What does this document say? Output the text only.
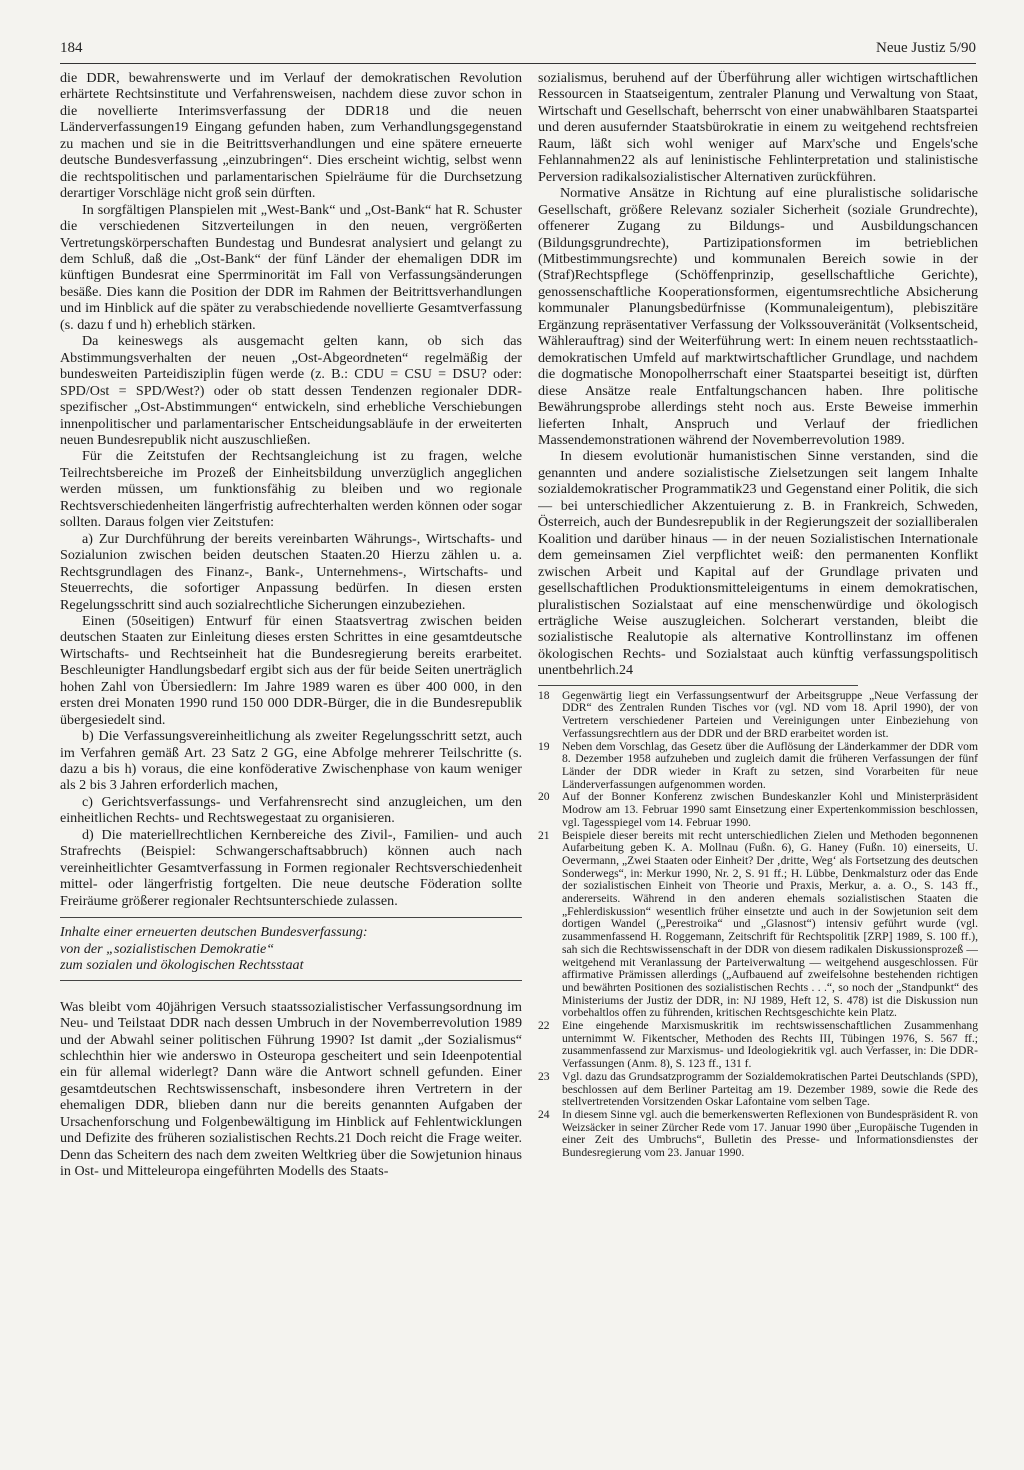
184	Neue Justiz 5/90

die DDR, bewahrenswerte und im Verlauf der demokratischen Revolution erhärtete Rechtsinstitute und Verfahrensweisen, nachdem diese zuvor schon in die novellierte Interimsverfassung der DDR18 und die neuen Länderverfassungen19 Eingang gefunden haben, zum Verhandlungsgegenstand zu machen und sie in die Beitrittsverhandlungen und eine spätere erneuerte deutsche Bundesverfassung „einzubringen“. Dies erscheint wichtig, selbst wenn die rechtspolitischen und parlamentarischen Spielräume für die Durchsetzung derartiger Vorschläge nicht groß sein dürften.

In sorgfältigen Planspielen mit „West-Bank“ und „Ost-Bank“ hat R. Schuster die verschiedenen Sitzverteilungen in den neuen, vergrößerten Vertretungskörperschaften Bundestag und Bundesrat analysiert und gelangt zu dem Schluß, daß die „Ost-Bank“ der fünf Länder der ehemaligen DDR im künftigen Bundesrat eine Sperrminorität im Fall von Verfassungsänderungen besäße. Dies kann die Position der DDR im Rahmen der Beitrittsverhandlungen und im Hinblick auf die später zu verabschiedende novellierte Gesamtverfassung (s. dazu f und h) erheblich stärken.

Da keineswegs als ausgemacht gelten kann, ob sich das Abstimmungsverhalten der neuen „Ost-Abgeordneten“ regelmäßig der bundesweiten Parteidisziplin fügen werde (z. B.: CDU = CSU = DSU? oder: SPD/Ost = SPD/West?) oder ob statt dessen Tendenzen regionaler DDR-spezifischer „Ost-Abstimmungen“ entwickeln, sind erhebliche Verschiebungen innenpolitischer und parlamentarischer Entscheidungsabläufe in der erweiterten neuen Bundesrepublik nicht auszuschließen.

Für die Zeitstufen der Rechtsangleichung ist zu fragen, welche Teilrechtsbereiche im Prozeß der Einheitsbildung unverzüglich angeglichen werden müssen, um funktionsfähig zu bleiben und wo regionale Rechtsverschiedenheiten längerfristig aufrechterhalten werden können oder sogar sollten. Daraus folgen vier Zeitstufen:

a) Zur Durchführung der bereits vereinbarten Währungs-, Wirtschafts- und Sozialunion zwischen beiden deutschen Staaten.20 Hierzu zählen u. a. Rechtsgrundlagen des Finanz-, Bank-, Unternehmens-, Wirtschafts- und Steuerrechts, die sofortiger Anpassung bedürfen. In diesen ersten Regelungsschritt sind auch sozialrechtliche Sicherungen einzubeziehen.

Einen (50seitigen) Entwurf für einen Staatsvertrag zwischen beiden deutschen Staaten zur Einleitung dieses ersten Schrittes in eine gesamtdeutsche Wirtschafts- und Rechtseinheit hat die Bundesregierung bereits erarbeitet. Beschleunigter Handlungsbedarf ergibt sich aus der für beide Seiten unerträglich hohen Zahl von Übersiedlern: Im Jahre 1989 waren es über 400 000, in den ersten drei Monaten 1990 rund 150 000 DDR-Bürger, die in die Bundesrepublik übergesiedelt sind.

b) Die Verfassungsvereinheitlichung als zweiter Regelungsschritt setzt, auch im Verfahren gemäß Art. 23 Satz 2 GG, eine Abfolge mehrerer Teilschritte (s. dazu a bis h) voraus, die eine konföderative Zwischenphase von kaum weniger als 2 bis 3 Jahren erforderlich machen,

c) Gerichtsverfassungs- und Verfahrensrecht sind anzugleichen, um den einheitlichen Rechts- und Rechtswegestaat zu organisieren.

d) Die materiellrechtlichen Kernbereiche des Zivil-, Familien- und auch Strafrechts (Beispiel: Schwangerschaftsabbruch) können auch nach vereinheitlichter Gesamtverfassung in Formen regionaler Rechtsverschiedenheit mittel- oder längerfristig fortgelten. Die neue deutsche Föderation sollte Freiräume größerer regionaler Rechtsunterschiede zulassen.

Inhalte einer erneuerten deutschen Bundesverfassung:
von der „sozialistischen Demokratie“
zum sozialen und ökologischen Rechtsstaat

Was bleibt vom 40jährigen Versuch staatssozialistischer Verfassungsordnung im Neu- und Teilstaat DDR nach dessen Umbruch in der Novemberrevolution 1989 und der Abwahl seiner politischen Führung 1990? Ist damit „der Sozialismus“ schlechthin hier wie anderswo in Osteuropa gescheitert und sein Ideenpotential ein für allemal widerlegt? Dann wäre die Antwort schnell gefunden. Einer gesamtdeutschen Rechtswissenschaft, insbesondere ihren Vertretern in der ehemaligen DDR, blieben dann nur die bereits genannten Aufgaben der Ursachenforschung und Folgenbewältigung im Hinblick auf Fehlentwicklungen und Defizite des früheren sozialistischen Rechts.21 Doch reicht die Frage weiter. Denn das Scheitern des nach dem zweiten Weltkrieg über die Sowjetunion hinaus in Ost- und Mitteleuropa eingeführten Modells des Staats-

sozialismus, beruhend auf der Überführung aller wichtigen wirtschaftlichen Ressourcen in Staatseigentum, zentraler Planung und Verwaltung von Staat, Wirtschaft und Gesellschaft, beherrscht von einer unabwählbaren Staatspartei und deren ausufernder Staatsbürokratie in einem zu weitgehend rechtsfreien Raum, läßt sich wohl weniger auf Marx'sche und Engels'sche Fehlannahmen22 als auf leninistische Fehlinterpretation und stalinistische Perversion radikalsozialistischer Alternativen zurückführen.

Normative Ansätze in Richtung auf eine pluralistische solidarische Gesellschaft, größere Relevanz sozialer Sicherheit (soziale Grundrechte), offenerer Zugang zu Bildungs- und Ausbildungschancen (Bildungsgrundrechte), Partizipationsformen im betrieblichen (Mitbestimmungsrechte) und kommunalen Bereich sowie in der (Straf)Rechtspflege (Schöffenprinzip, gesellschaftliche Gerichte), genossenschaftliche Kooperationsformen, eigentumsrechtliche Absicherung kommunaler Planungsbedürfnisse (Kommunaleigentum), plebiszitäre Ergänzung repräsentativer Verfassung der Volkssouveränität (Volksentscheid, Wählerauftrag) sind der Weiterführung wert: In einem neuen rechtsstaatlich-demokratischen Umfeld auf marktwirtschaftlicher Grundlage, und nachdem die dogmatische Monopolherrschaft einer Staatspartei beseitigt ist, dürften diese Ansätze reale Entfaltungschancen haben. Ihre politische Bewährungsprobe allerdings steht noch aus. Erste Beweise immerhin lieferten Inhalt, Anspruch und Verlauf der friedlichen Massendemonstrationen während der Novemberrevolution 1989.

In diesem evolutionär humanistischen Sinne verstanden, sind die genannten und andere sozialistische Zielsetzungen seit langem Inhalte sozialdemokratischer Programmatik23 und Gegenstand einer Politik, die sich — bei unterschiedlicher Akzentuierung z. B. in Frankreich, Schweden, Österreich, auch der Bundesrepublik in der Regierungszeit der sozialliberalen Koalition und darüber hinaus — in der neuen Sozialistischen Internationale dem gemeinsamen Ziel verpflichtet weiß: den permanenten Konflikt zwischen Arbeit und Kapital auf der Grundlage privaten und gesellschaftlichen Produktionsmitteleigentums in einem demokratischen, pluralistischen Sozialstaat auf eine menschenwürdige und ökologisch erträgliche Weise auszugleichen. Solcherart verstanden, bleibt die sozialistische Realutopie als alternative Kontrollinstanz im offenen ökologischen Rechts- und Sozialstaat auch künftig verfassungspolitisch unentbehrlich.24

18	Gegenwärtig liegt ein Verfassungsentwurf der Arbeitsgruppe „Neue Verfassung der DDR“ des Zentralen Runden Tisches vor (vgl. ND vom 18. April 1990), der von Vertretern verschiedener Parteien und Vereinigungen unter Einbeziehung von Verfassungsrechtlern aus der DDR und der BRD erarbeitet worden ist.

19	Neben dem Vorschlag, das Gesetz über die Auflösung der Länderkammer der DDR vom 8. Dezember 1958 aufzuheben und zugleich damit die früheren Verfassungen der fünf Länder der DDR wieder in Kraft zu setzen, sind Vorarbeiten für neue Länderverfassungen aufgenommen worden.

20	Auf der Bonner Konferenz zwischen Bundeskanzler Kohl und Ministerpräsident Modrow am 13. Februar 1990 samt Einsetzung einer Expertenkommission beschlossen, vgl. Tagesspiegel vom 14. Februar 1990.

21	Beispiele dieser bereits mit recht unterschiedlichen Zielen und Methoden begonnenen Aufarbeitung geben K. A. Mollnau (Fußn. 6), G. Haney (Fußn. 10) einerseits, U. Oevermann, „Zwei Staaten oder Einheit? Der ‚dritte‚ Weg‘ als Fortsetzung des deutschen Sonderwegs“, in: Merkur 1990, Nr. 2, S. 91 ff.; H. Lübbe, Denkmalsturz oder das Ende der sozialistischen Einheit von Theorie und Praxis, Merkur, a. a. O., S. 143 ff., andererseits. Während in den anderen ehemals sozialistischen Staaten die „Fehlerdiskussion“ wesentlich früher einsetzte und auch in der Sowjetunion seit dem dortigen Wandel („Perestroika“ und „Glasnost“) intensiv geführt wurde (vgl. zusammenfassend H. Roggemann, Zeitschrift für Rechtspolitik [ZRP] 1989, S. 100 ff.), sah sich die Rechtswissenschaft in der DDR von diesem radikalen Diskussionsprozeß — weitgehend mit Veranlassung der Parteiverwaltung — weitgehend ausgeschlossen. Für affirmative Prämissen allerdings („Aufbauend auf zweifelsohne bestehenden richtigen und bewährten Positionen des sozialistischen Rechts . . .“, so noch der „Standpunkt“ des Ministeriums der Justiz der DDR, in: NJ 1989, Heft 12, S. 478) ist die Diskussion nun vorbehaltlos offen zu führenden, kritischen Rechtsgeschichte kein Platz.

22	Eine eingehende Marxismuskritik im rechtswissenschaftlichen Zusammenhang unternimmt W. Fikentscher, Methoden des Rechts III, Tübingen 1976, S. 567 ff.; zusammenfassend zur Marxismus- und Ideologiekritik vgl. auch Verfasser, in: Die DDR-Verfassungen (Anm. 8), S. 123 ff., 131 f.

23	Vgl. dazu das Grundsatzprogramm der Sozialdemokratischen Partei Deutschlands (SPD), beschlossen auf dem Berliner Parteitag am 19. Dezember 1989, sowie die Rede des stellvertretenden Vorsitzenden Oskar Lafontaine vom selben Tage.

24	In diesem Sinne vgl. auch die bemerkenswerten Reflexionen von Bundespräsident R. von Weizsäcker in seiner Zürcher Rede vom 17. Januar 1990 über „Europäische Tugenden in einer Zeit des Umbruchs“, Bulletin des Presse- und Informationsdienstes der Bundesregierung vom 23. Januar 1990.
